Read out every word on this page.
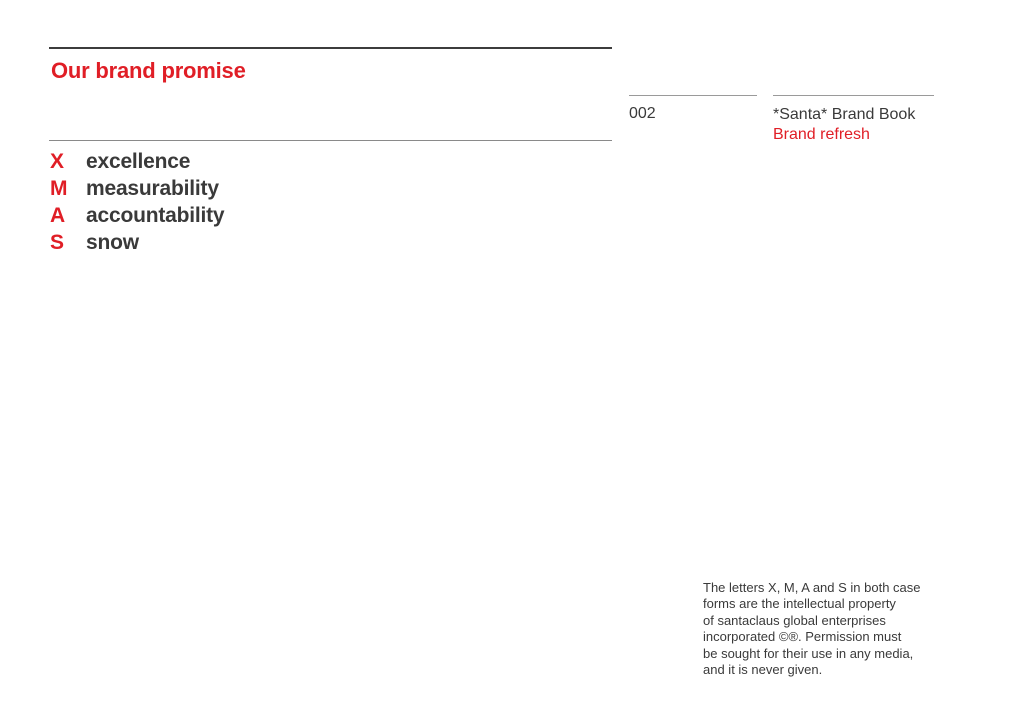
Our brand promise
002	*Santa* Brand Book
Brand refresh
X	excellence
M measurability
A accountability
S	snow
The letters X, M, A and S in both case
forms are the intellectual property
of santaclaus global enterprises
incorporated ©®. Permission must
be sought for their use in any media,
and it is never given.
